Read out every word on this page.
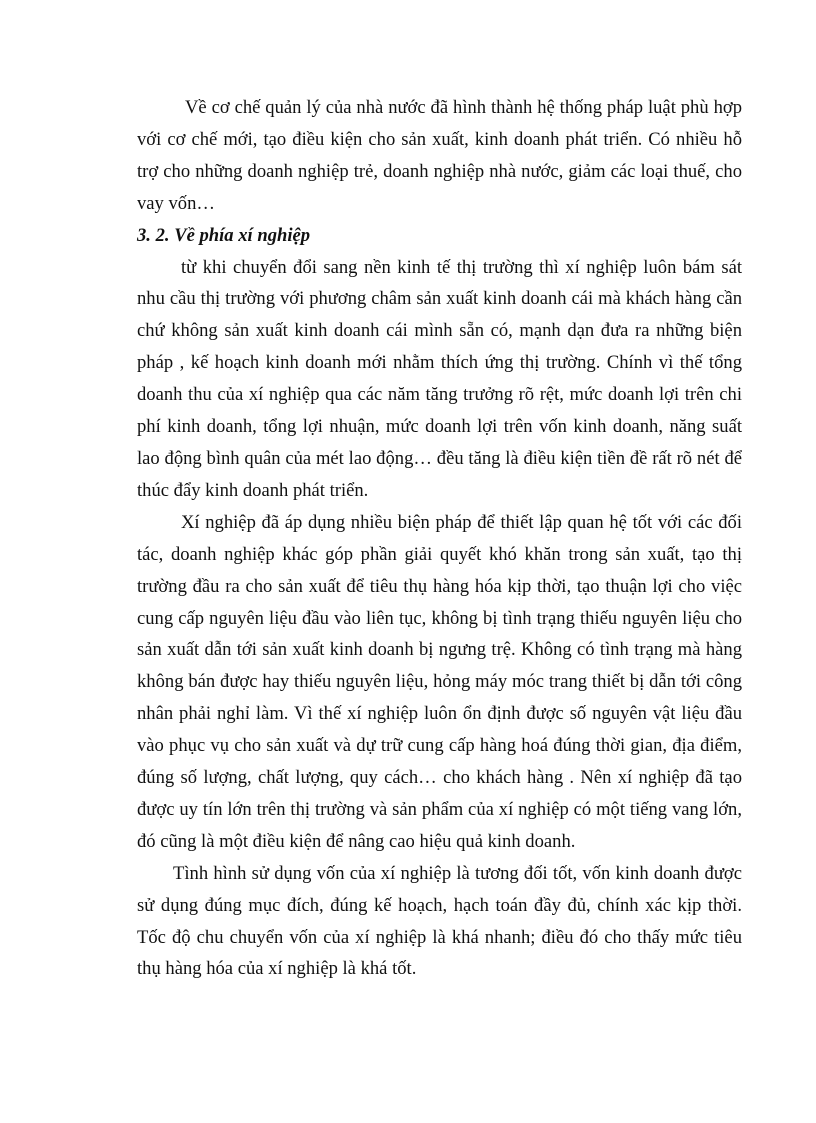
Về cơ chế quản lý của nhà nước đã hình thành hệ thống pháp luật phù hợp với cơ chế mới, tạo điều kiện cho sản xuất, kinh doanh phát triển. Có nhiều hỗ trợ cho những doanh nghiệp trẻ, doanh nghiệp nhà nước, giảm các loại thuế, cho vay vốn…

3. 2. Về phía xí nghiệp

từ khi chuyển đổi sang nền kinh tế thị trường thì xí nghiệp luôn bám sát nhu cầu thị trường với phương châm sản xuất kinh doanh cái mà khách hàng cần chứ không sản xuất kinh doanh cái mình sẵn có, mạnh dạn đưa ra những biện pháp , kế hoạch kinh doanh mới nhằm thích ứng thị trường. Chính vì thế tổng doanh thu của xí nghiệp qua các năm tăng trưởng rõ rệt, mức doanh lợi trên chi phí kinh doanh, tổng lợi nhuận, mức doanh lợi trên vốn kinh doanh, năng suất lao động bình quân của mét lao động… đều tăng là điều kiện tiền đề rất rõ nét để thúc đẩy kinh doanh phát triển.

Xí nghiệp đã áp dụng nhiều biện pháp để thiết lập quan hệ tốt với các đối tác, doanh nghiệp khác góp phần giải quyết khó khăn trong sản xuất, tạo thị trường đầu ra cho sản xuất để tiêu thụ hàng hóa kịp thời, tạo thuận lợi cho việc cung cấp nguyên liệu đầu vào liên tục, không bị tình trạng thiếu nguyên liệu cho sản xuất dẫn tới sản xuất kinh doanh bị ngưng trệ. Không có tình trạng mà hàng không bán được hay thiếu nguyên liệu, hỏng máy móc trang thiết bị dẫn tới công nhân phải nghỉ làm. Vì thế xí nghiệp luôn ổn định được số nguyên vật liệu đầu vào phục vụ cho sản xuất và dự trữ cung cấp hàng hoá đúng thời gian, địa điểm, đúng số lượng, chất lượng, quy cách… cho khách hàng . Nên xí nghiệp đã tạo được uy tín lớn trên thị trường và sản phẩm của xí nghiệp có một tiếng vang lớn, đó cũng là một điều kiện để nâng cao hiệu quả kinh doanh.

Tình hình sử dụng vốn của xí nghiệp là tương đối tốt, vốn kinh doanh được sử dụng đúng mục đích, đúng kế hoạch, hạch toán đầy đủ, chính xác kịp thời. Tốc độ chu chuyển vốn của xí nghiệp là khá nhanh; điều đó cho thấy mức tiêu thụ hàng hóa của xí nghiệp là khá tốt.
